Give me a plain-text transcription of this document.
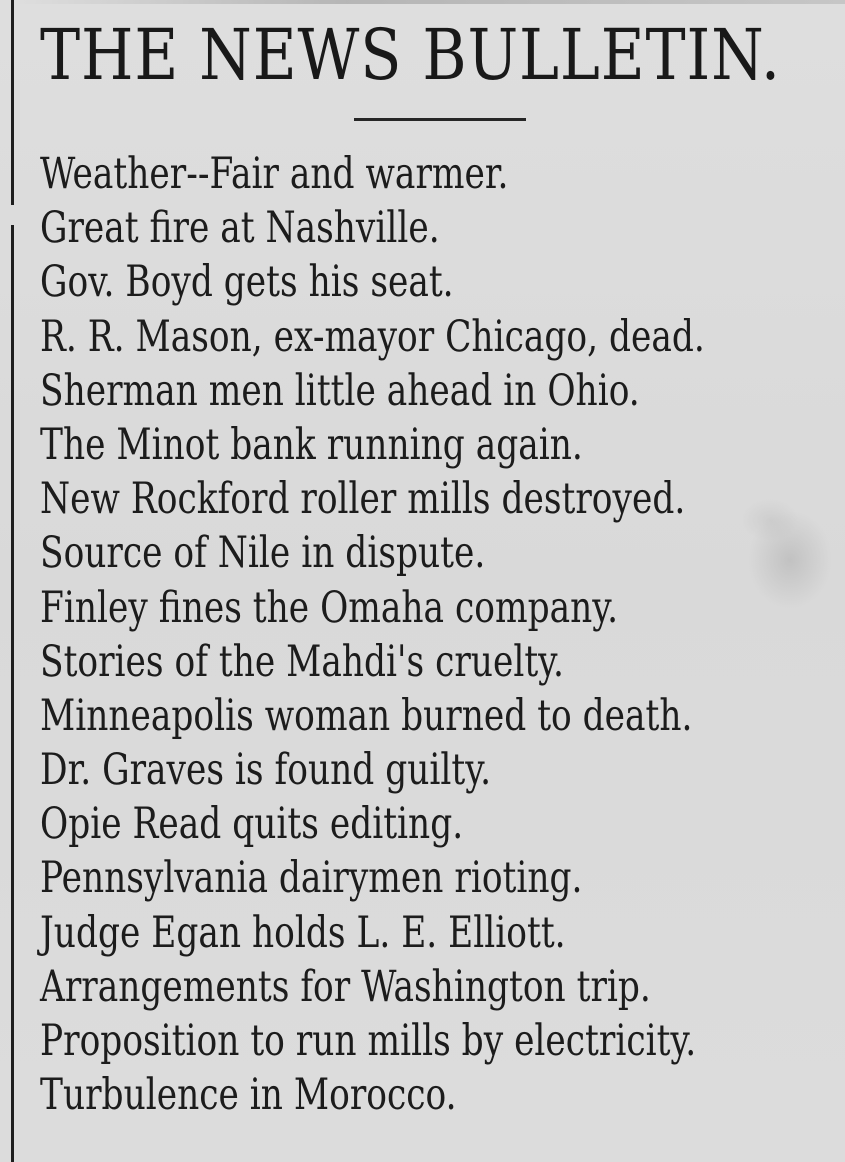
THE NEWS BULLETIN.
Weather--Fair and warmer.
Great fire at Nashville.
Gov. Boyd gets his seat.
R. R. Mason, ex-mayor Chicago, dead.
Sherman men little ahead in Ohio.
The Minot bank running again.
New Rockford roller mills destroyed.
Source of Nile in dispute.
Finley fines the Omaha company.
Stories of the Mahdi's cruelty.
Minneapolis woman burned to death.
Dr. Graves is found guilty.
Opie Read quits editing.
Pennsylvania dairymen rioting.
Judge Egan holds L. E. Elliott.
Arrangements for Washington trip.
Proposition to run mills by electricity.
Turbulence in Morocco.
